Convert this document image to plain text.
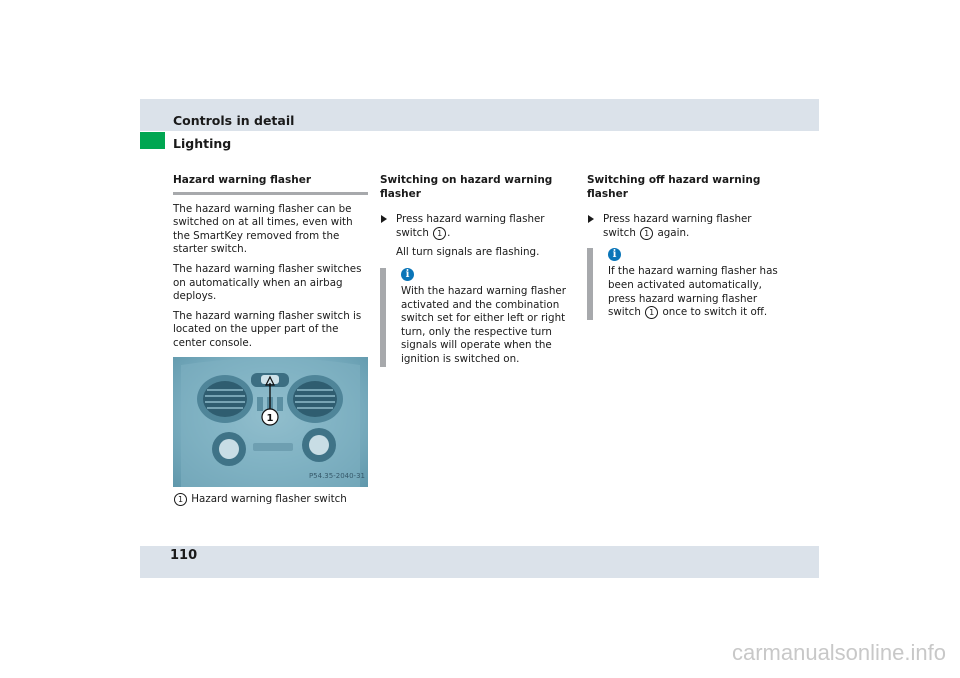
Controls in detail
Lighting
Hazard warning flasher

The hazard warning flasher can be switched on at all times, even with the SmartKey removed from the starter switch.

The hazard warning flasher switches on automatically when an airbag deploys.

The hazard warning flasher switch is located on the upper part of the center console.

1
P54.35-2040-31
1 Hazard warning flasher switch
Switching on hazard warning flasher
Press hazard warning flasher switch 1 .

All turn signals are flashing.

i
With the hazard warning flasher activated and the combination switch set for either left or right turn, only the respective turn signals will operate when the ignition is switched on.
Switching off hazard warning flasher
Press hazard warning flasher switch 1 again.
i
If the hazard warning flasher has been activated automatically, press hazard warning flasher switch 1 once to switch it off.
110
carmanualsonline.info
